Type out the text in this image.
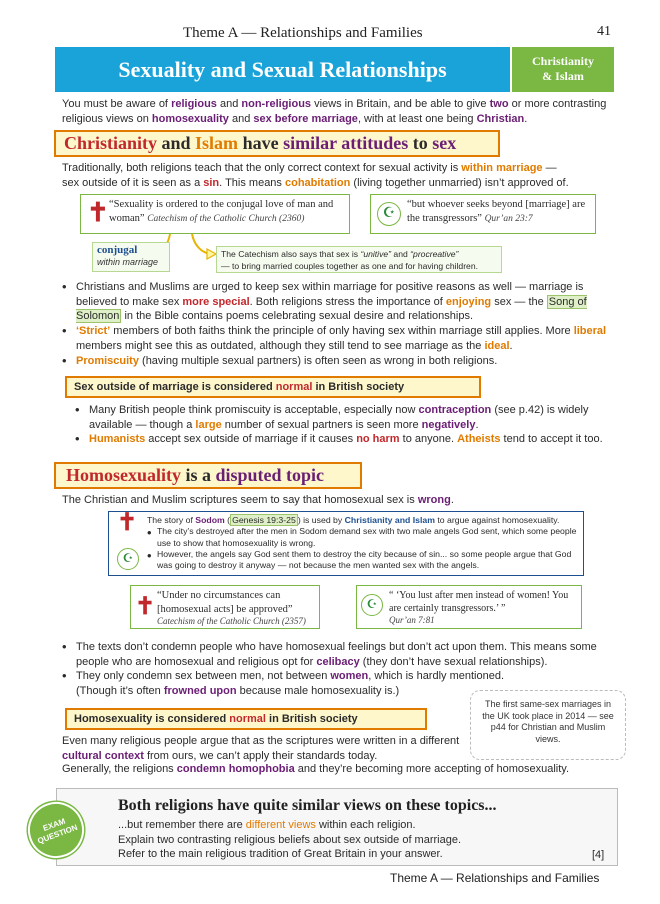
Theme A — Relationships and Families	41
Sexuality and Sexual Relationships	Christianity
& Islam
You must be aware of religious and non-religious views in Britain, and be able to give two or more contrasting religious views on homosexuality and sex before marriage, with at least one being Christian.
Christianity and Islam have similar attitudes to sex
Traditionally, both religions teach that the only correct context for sexual activity is within marriage —
sex outside of it is seen as a sin. This means cohabitation (living together unmarried) isn’t approved of.
✝ “Sexuality is ordered to the conjugal love of man and woman” Catechism of the Catholic Church (2360)	☪
“but whoever seeks beyond [marriage] are the transgressors” Qur’an 23:7
conjugal
within marriage
The Catechism also says that sex is “unitive” and “procreative”
— to bring married couples together as one and for having children.
• Christians and Muslims are urged to keep sex within marriage for positive reasons as well — marriage is believed to make sex more special. Both religions stress the importance of enjoying sex — the Song of Solomon in the Bible contains poems celebrating sexual desire and relationships.
• ‘Strict’ members of both faiths think the principle of only having sex within marriage still applies. More liberal members might see this as outdated, although they still tend to see marriage as the ideal.
• Promiscuity (having multiple sexual partners) is often seen as wrong in both religions.
Sex outside of marriage is considered normal in British society
• Many British people think promiscuity is acceptable, especially now contraception (see p.42) is widely available — though a large number of sexual partners is seen more negatively.
• Humanists accept sex outside of marriage if it causes no harm to anyone. Atheists tend to accept it too.
Homosexuality is a disputed topic
The Christian and Muslim scriptures seem to say that homosexual sex is wrong.
✝
☪
The story of Sodom ( Genesis 19:3-25 ) is used by Christianity and Islam to argue against homosexuality.
• The city’s destroyed after the men in Sodom demand sex with two male angels God sent, which some people use to show that homosexuality is wrong.
• However, the angels say God sent them to destroy the city because of sin... so some people argue that God was going to destroy it anyway — not because the men wanted sex with the angels.
✝ “Under no circumstances can [homosexual acts] be approved”
Catechism of the Catholic Church (2357)
☪
“ ‘You lust after men instead of women! You are certainly transgressors.’ ”
Qur’an 7:81
• The texts don’t condemn people who have homosexual feelings but don’t act upon them. This means some people who are homosexual and religious opt for celibacy (they don’t have sexual relationships).
• They only condemn sex between men, not between women, which is hardly mentioned.
(Though it’s often frowned upon because male homosexuality is.)
Homosexuality is considered normal in British society
Even many religious people argue that as the scriptures were written in a different cultural context from ours, we can’t apply their standards today.
Generally, the religions condemn homophobia and they’re becoming more accepting of homosexuality.
The first same-sex marriages in the UK took place in 2014 — see p44 for Christian and Muslim views.
EXAM QUESTION
Both religions have quite similar views on these topics...
...but remember there are different views within each religion.
Explain two contrasting religious beliefs about sex outside of marriage.
Refer to the main religious tradition of Great Britain in your answer.	[4]
Theme A — Relationships and Families
